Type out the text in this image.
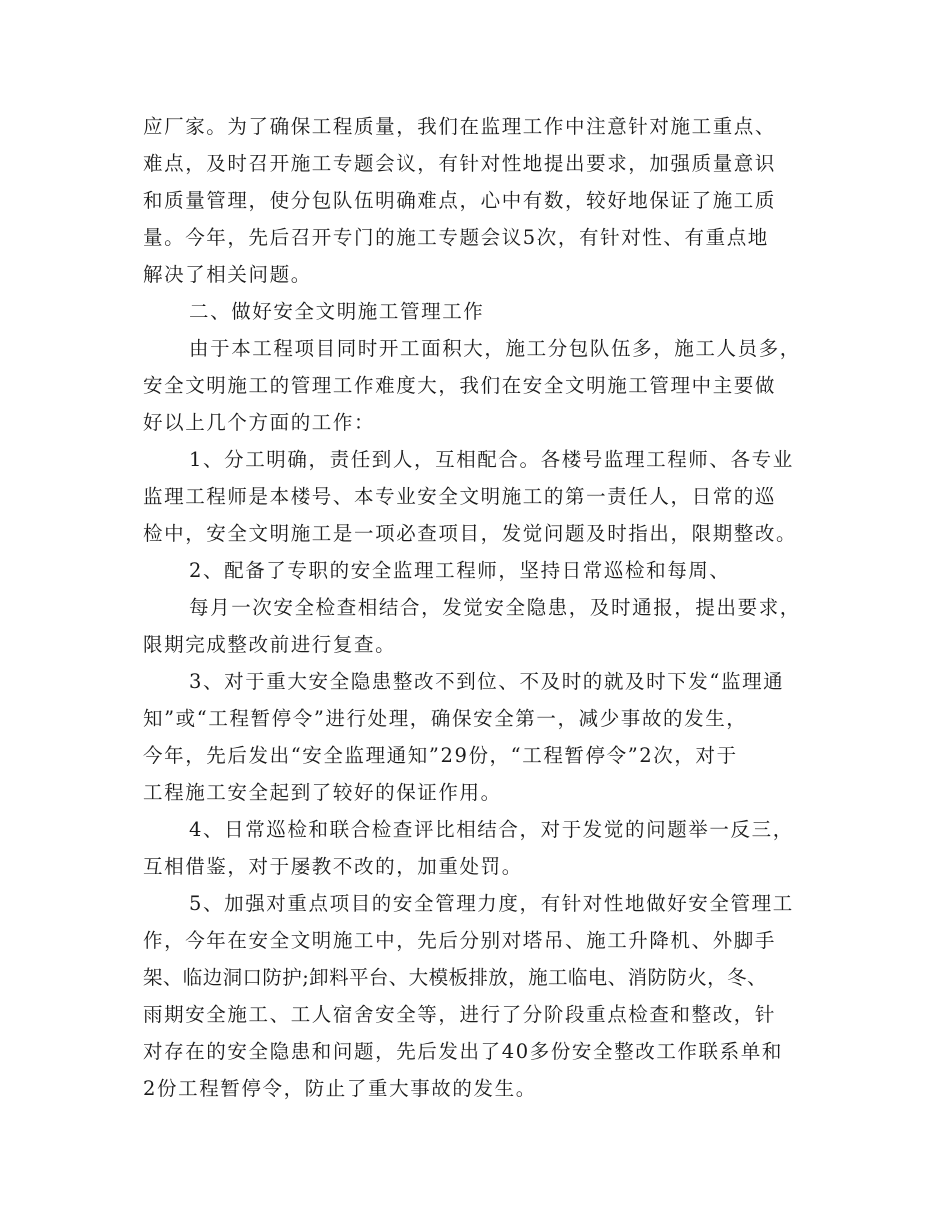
应厂家。为了确保工程质量，我们在监理工作中注意针对施工重点、
难点，及时召开施工专题会议，有针对性地提出要求，加强质量意识
和质量管理，使分包队伍明确难点，心中有数，较好地保证了施工质
量。今年，先后召开专门的施工专题会议5次，有针对性、有重点地
解决了相关问题。
二、做好安全文明施工管理工作
由于本工程项目同时开工面积大，施工分包队伍多，施工人员多，
安全文明施工的管理工作难度大，我们在安全文明施工管理中主要做
好以上几个方面的工作：
1、分工明确，责任到人，互相配合。各楼号监理工程师、各专业
监理工程师是本楼号、本专业安全文明施工的第一责任人，日常的巡
检中，安全文明施工是一项必查项目，发觉问题及时指出，限期整改。
2、配备了专职的安全监理工程师，坚持日常巡检和每周、
每月一次安全检查相结合，发觉安全隐患，及时通报，提出要求，
限期完成整改前进行复查。
3、对于重大安全隐患整改不到位、不及时的就及时下发“监理通
知”或“工程暂停令”进行处理，确保安全第一，减少事故的发生，
今年，先后发出“安全监理通知”29份，“工程暂停令”2次，对于
工程施工安全起到了较好的保证作用。
4、日常巡检和联合检查评比相结合，对于发觉的问题举一反三，
互相借鉴，对于屡教不改的，加重处罚。
5、加强对重点项目的安全管理力度，有针对性地做好安全管理工
作，今年在安全文明施工中，先后分别对塔吊、施工升降机、外脚手
架、临边洞口防护;卸料平台、大模板排放，施工临电、消防防火，冬、
雨期安全施工、工人宿舍安全等，进行了分阶段重点检查和整改，针
对存在的安全隐患和问题，先后发出了40多份安全整改工作联系单和
2份工程暂停令，防止了重大事故的发生。
